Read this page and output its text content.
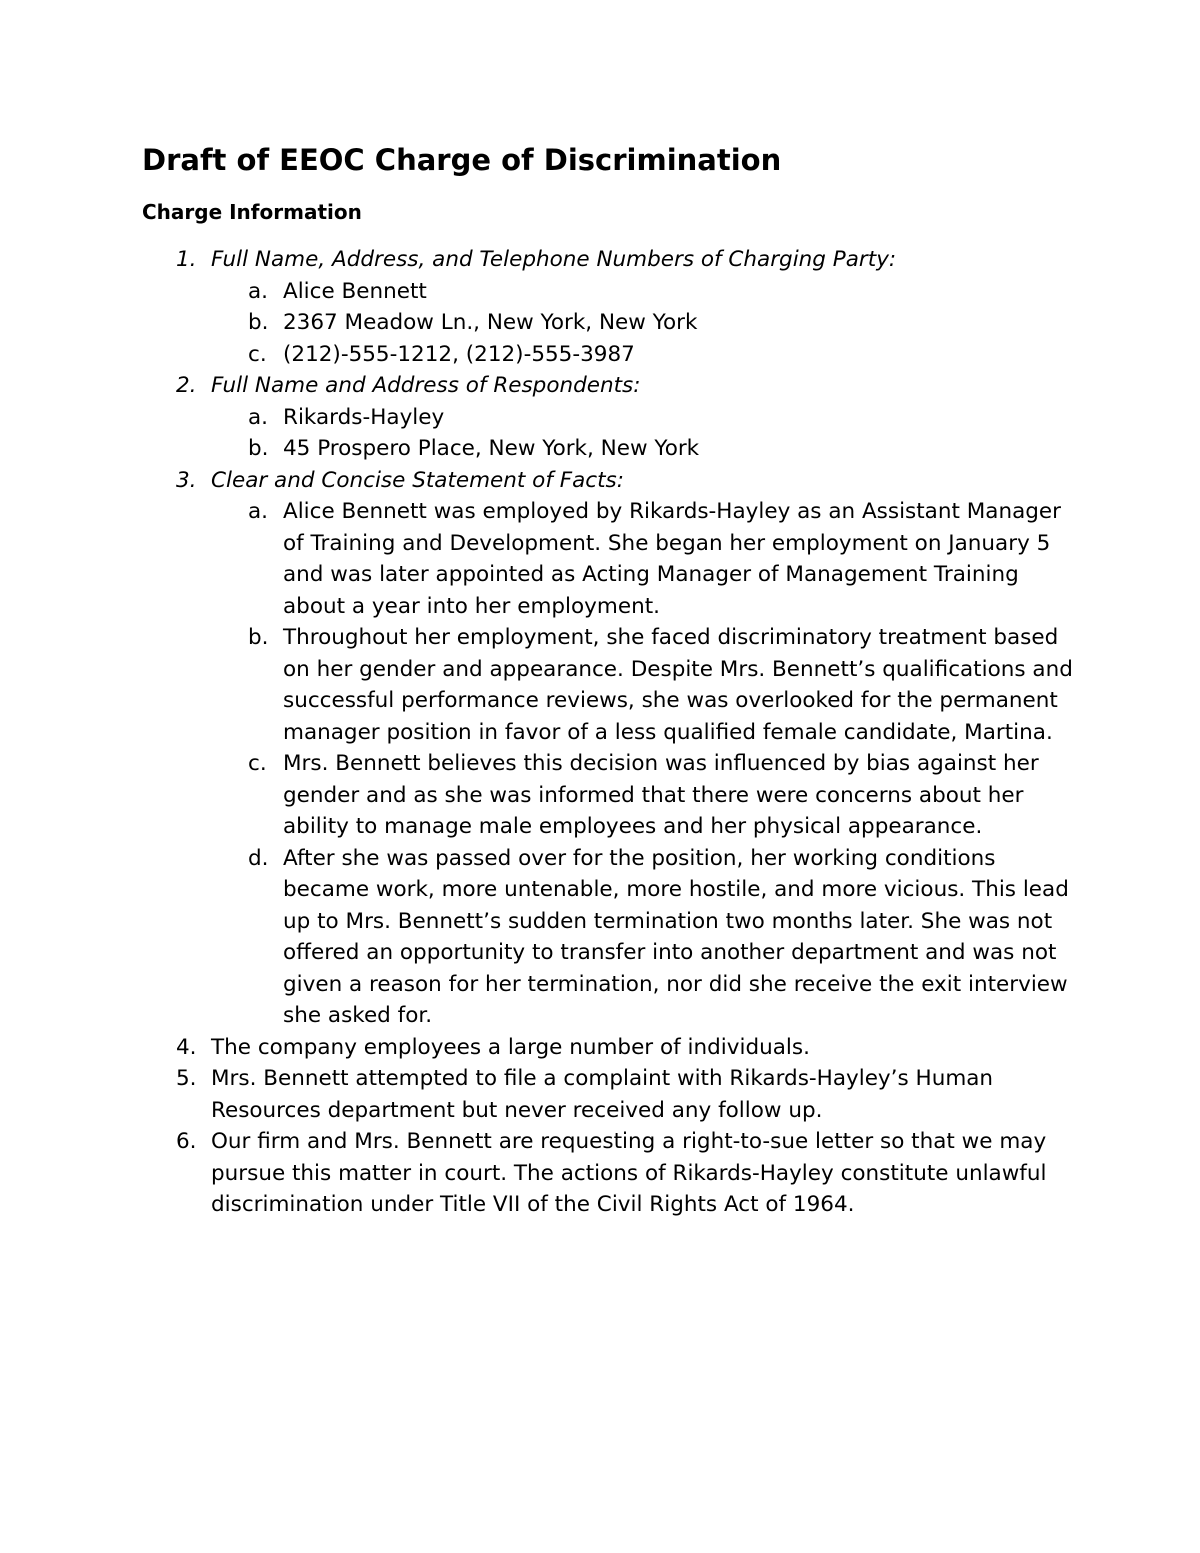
Draft of EEOC Charge of Discrimination
Charge Information
1. Full Name, Address, and Telephone Numbers of Charging Party:
a. Alice Bennett
b. 2367 Meadow Ln., New York, New York
c. (212)-555-1212, (212)-555-3987
2. Full Name and Address of Respondents:
a. Rikards-Hayley
b. 45 Prospero Place, New York, New York
3. Clear and Concise Statement of Facts:
a. Alice Bennett was employed by Rikards-Hayley as an Assistant Manager of Training and Development. She began her employment on January 5 and was later appointed as Acting Manager of Management Training about a year into her employment.
b. Throughout her employment, she faced discriminatory treatment based on her gender and appearance. Despite Mrs. Bennett’s qualifications and successful performance reviews, she was overlooked for the permanent manager position in favor of a less qualified female candidate, Martina.
c. Mrs. Bennett believes this decision was influenced by bias against her gender and as she was informed that there were concerns about her ability to manage male employees and her physical appearance.
d. After she was passed over for the position, her working conditions became work, more untenable, more hostile, and more vicious. This lead up to Mrs. Bennett’s sudden termination two months later. She was not offered an opportunity to transfer into another department and was not given a reason for her termination, nor did she receive the exit interview she asked for.
4. The company employees a large number of individuals.
5. Mrs. Bennett attempted to file a complaint with Rikards-Hayley’s Human Resources department but never received any follow up.
6. Our firm and Mrs. Bennett are requesting a right-to-sue letter so that we may pursue this matter in court. The actions of Rikards-Hayley constitute unlawful discrimination under Title VII of the Civil Rights Act of 1964.
